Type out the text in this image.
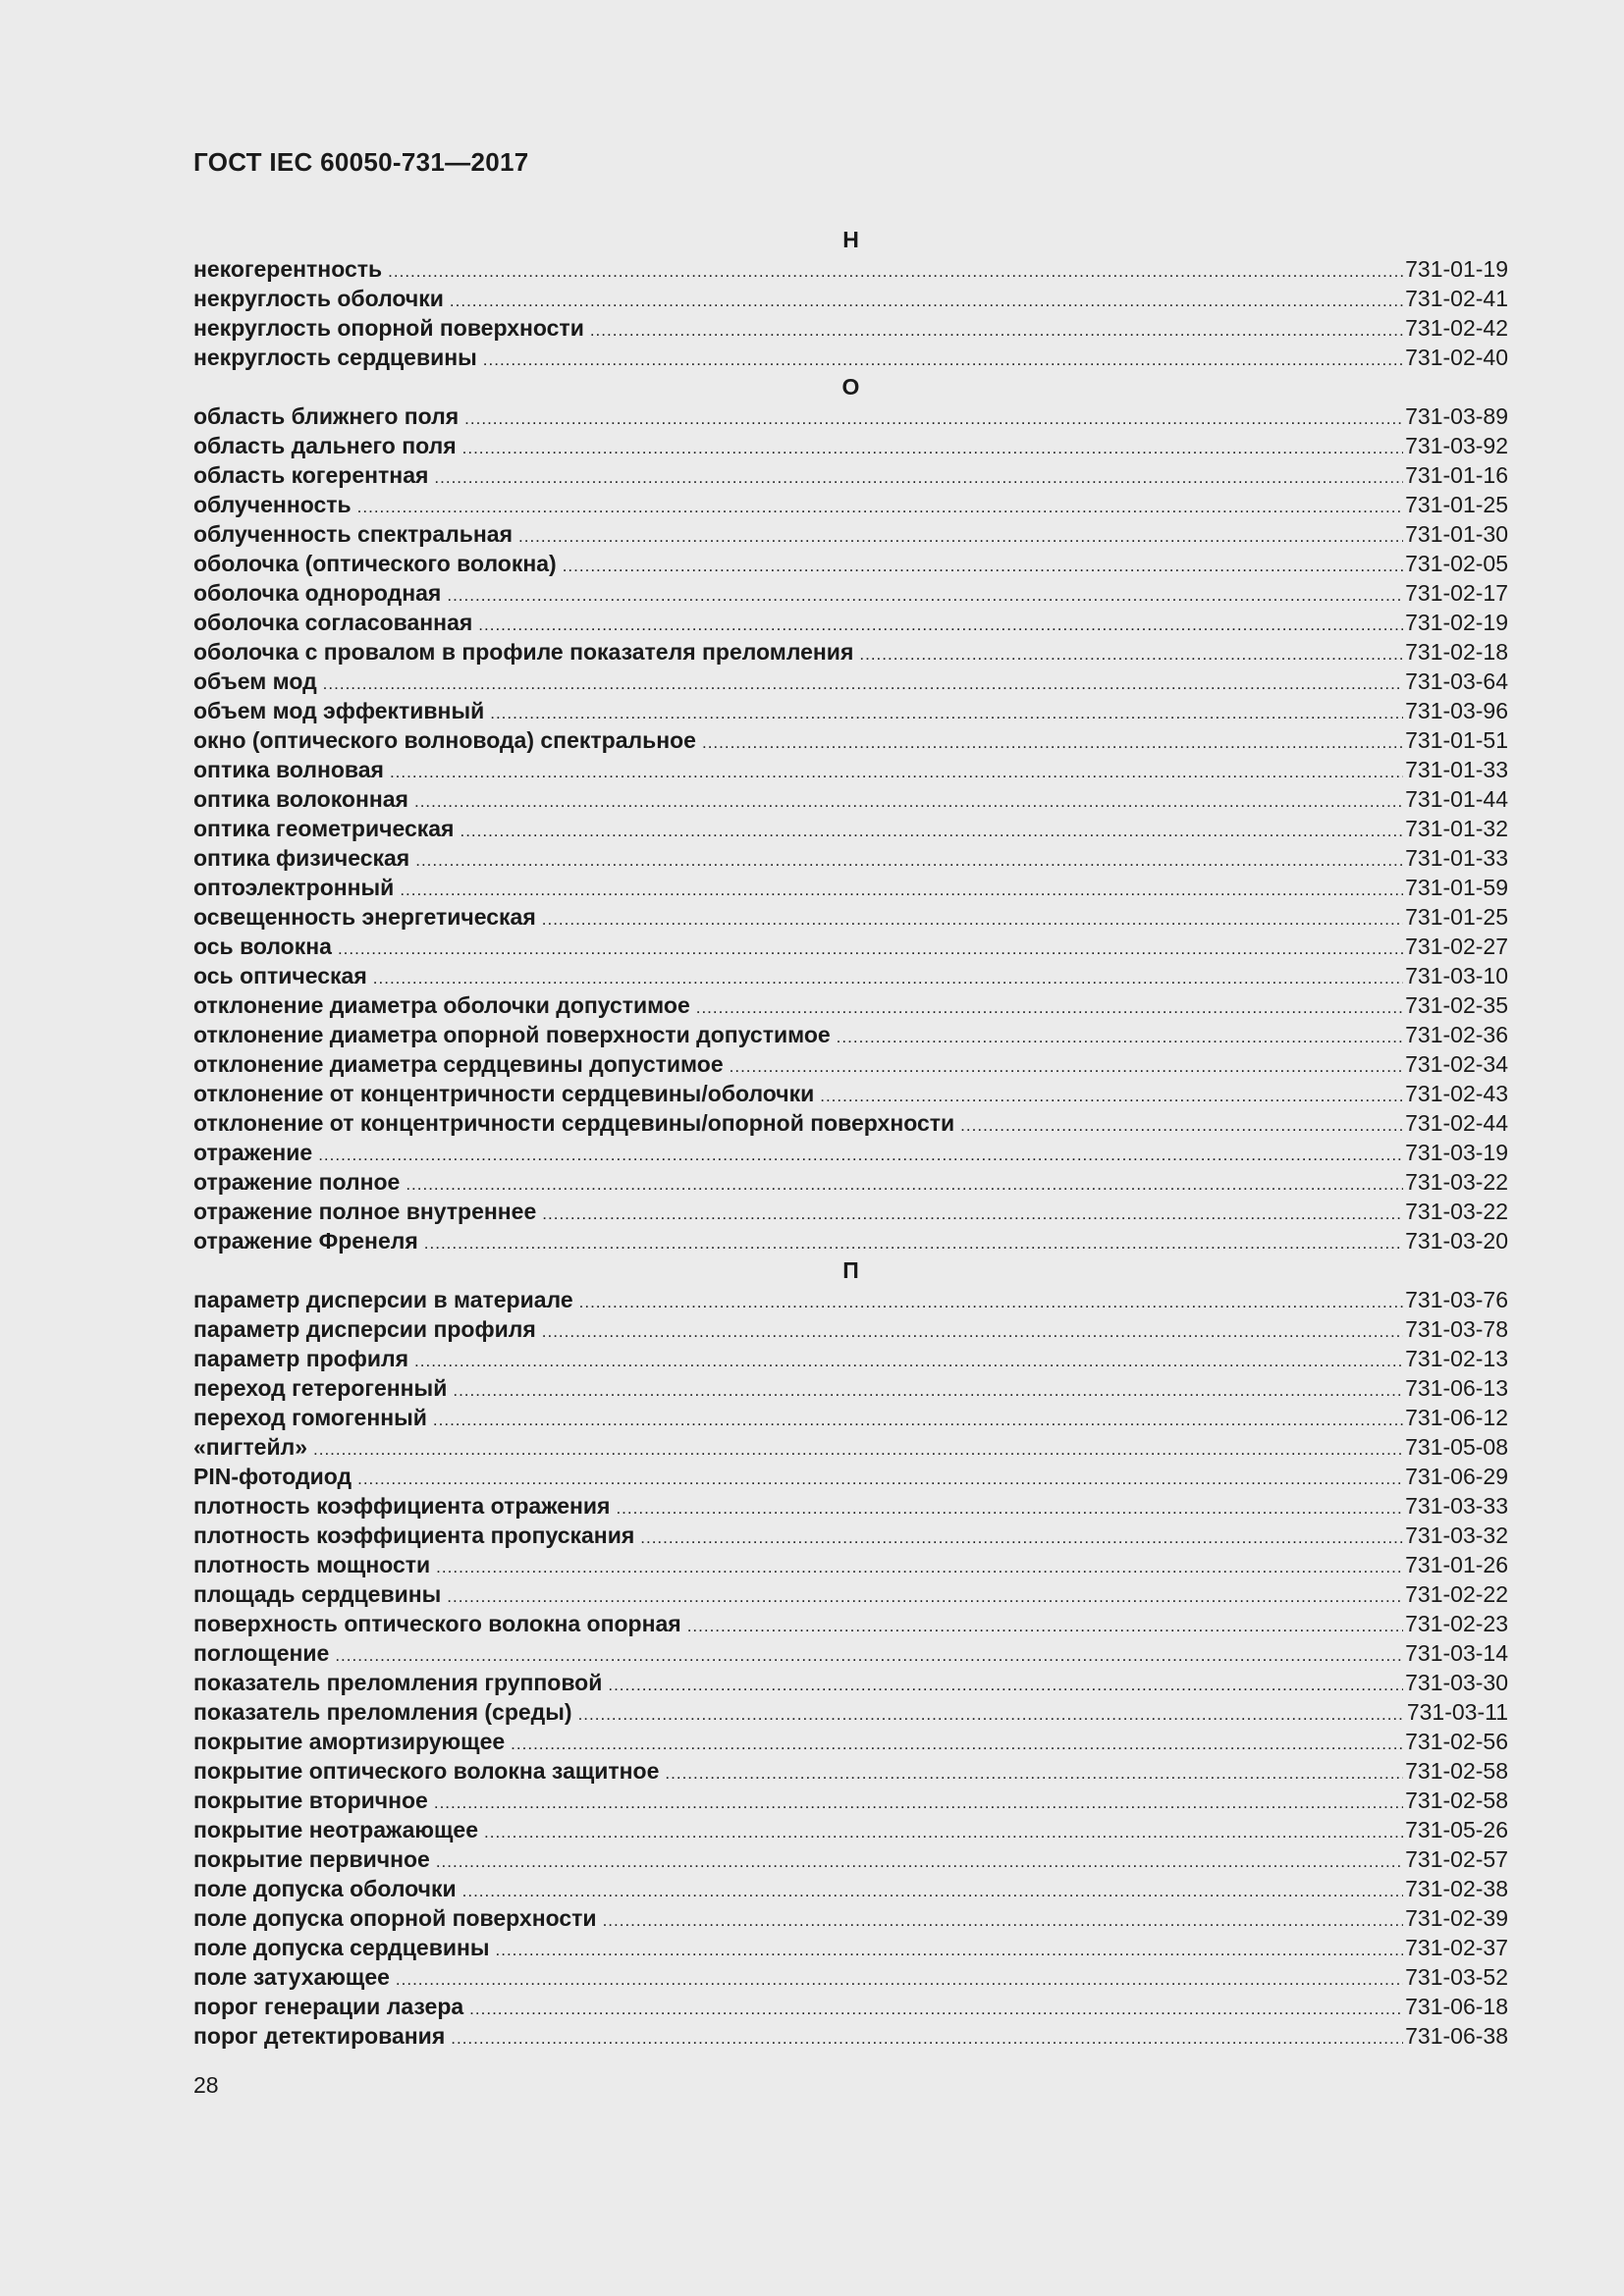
ГОСТ IEC 60050-731—2017
Н
некогерентность .....	731-01-19
некруглость оболочки .....	731-02-41
некруглость опорной поверхности .....	731-02-42
некруглость сердцевины .....	731-02-40
О
область ближнего поля .....	731-03-89
область дальнего поля .....	731-03-92
область когерентная .....	731-01-16
облученность .....	731-01-25
облученность спектральная .....	731-01-30
оболочка (оптического волокна) .....	731-02-05
оболочка однородная .....	731-02-17
оболочка согласованная .....	731-02-19
оболочка с провалом в профиле показателя преломления .....	731-02-18
объем мод .....	731-03-64
объем мод эффективный .....	731-03-96
окно (оптического волновода) спектральное .....	731-01-51
оптика волновая .....	731-01-33
оптика волоконная .....	731-01-44
оптика геометрическая .....	731-01-32
оптика физическая .....	731-01-33
оптоэлектронный .....	731-01-59
освещенность энергетическая .....	731-01-25
ось волокна .....	731-02-27
ось оптическая .....	731-03-10
отклонение диаметра оболочки допустимое .....	731-02-35
отклонение диаметра опорной поверхности допустимое .....	731-02-36
отклонение диаметра сердцевины допустимое .....	731-02-34
отклонение от концентричности сердцевины/оболочки .....	731-02-43
отклонение от концентричности сердцевины/опорной поверхности .....	731-02-44
отражение .....	731-03-19
отражение полное .....	731-03-22
отражение полное внутреннее .....	731-03-22
отражение Френеля .....	731-03-20
П
параметр дисперсии в материале .....	731-03-76
параметр дисперсии профиля .....	731-03-78
параметр профиля .....	731-02-13
переход гетерогенный .....	731-06-13
переход гомогенный .....	731-06-12
«пигтейл» .....	731-05-08
PIN-фотодиод .....	731-06-29
плотность коэффициента отражения .....	731-03-33
плотность коэффициента пропускания .....	731-03-32
плотность мощности .....	731-01-26
площадь сердцевины .....	731-02-22
поверхность оптического волокна опорная .....	731-02-23
поглощение .....	731-03-14
показатель преломления групповой .....	731-03-30
показатель преломления (среды) .....	731-03-11
покрытие амортизирующее .....	731-02-56
покрытие оптического волокна защитное .....	731-02-58
покрытие вторичное .....	731-02-58
покрытие неотражающее .....	731-05-26
покрытие первичное .....	731-02-57
поле допуска оболочки .....	731-02-38
поле допуска опорной поверхности .....	731-02-39
поле допуска сердцевины .....	731-02-37
поле затухающее .....	731-03-52
порог генерации лазера .....	731-06-18
порог детектирования .....	731-06-38
28
